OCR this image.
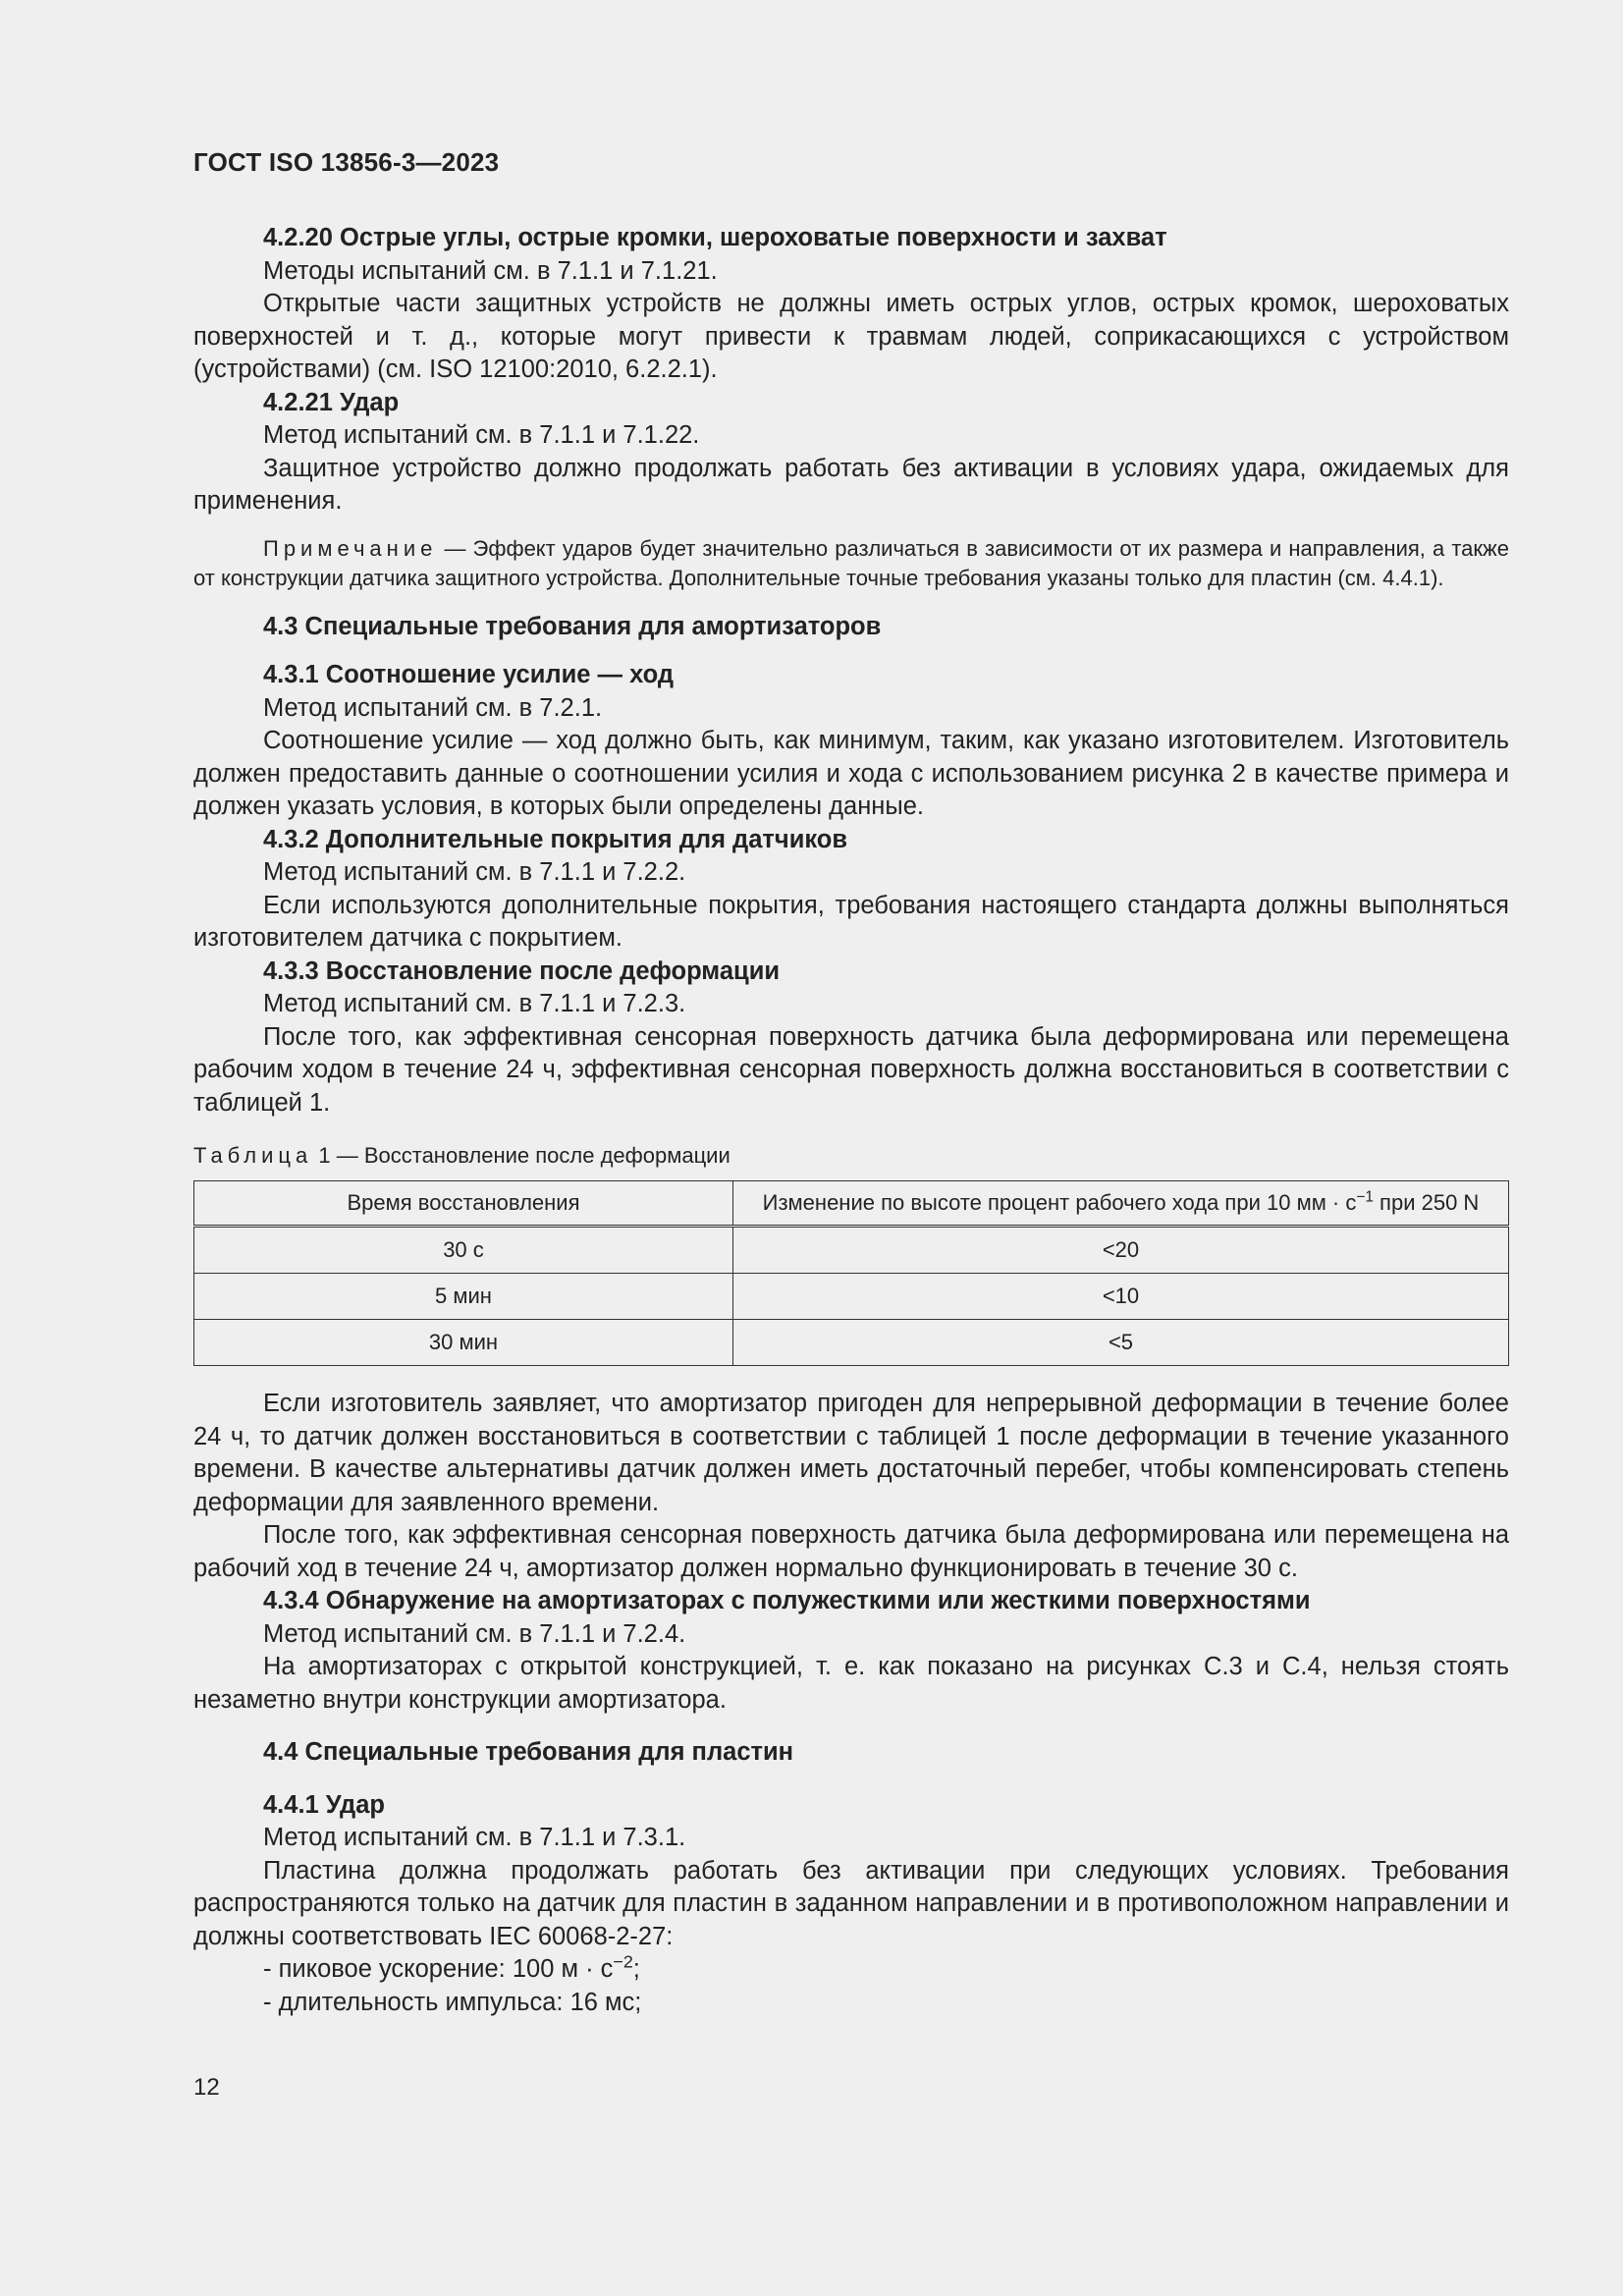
ГОСТ ISO 13856-3—2023

4.2.20 Острые углы, острые кромки, шероховатые поверхности и захват

Методы испытаний см. в 7.1.1 и 7.1.21.

Открытые части защитных устройств не должны иметь острых углов, острых кромок, шероховатых поверхностей и т. д., которые могут привести к травмам людей, соприкасающихся с устройством (устройствами) (см. ISO 12100:2010, 6.2.2.1).

4.2.21 Удар

Метод испытаний см. в 7.1.1 и 7.1.22.

Защитное устройство должно продолжать работать без активации в условиях удара, ожидаемых для применения.

Примечание — Эффект ударов будет значительно различаться в зависимости от их размера и направления, а также от конструкции датчика защитного устройства. Дополнительные точные требования указаны только для пластин (см. 4.4.1).

4.3 Специальные требования для амортизаторов

4.3.1 Соотношение усилие — ход

Метод испытаний см. в 7.2.1.

Соотношение усилие — ход должно быть, как минимум, таким, как указано изготовителем. Изготовитель должен предоставить данные о соотношении усилия и хода с использованием рисунка 2 в качестве примера и должен указать условия, в которых были определены данные.

4.3.2 Дополнительные покрытия для датчиков

Метод испытаний см. в 7.1.1 и 7.2.2.

Если используются дополнительные покрытия, требования настоящего стандарта должны выполняться изготовителем датчика с покрытием.

4.3.3 Восстановление после деформации

Метод испытаний см. в 7.1.1 и 7.2.3.

После того, как эффективная сенсорная поверхность датчика была деформирована или перемещена рабочим ходом в течение 24 ч, эффективная сенсорная поверхность должна восстановиться в соответствии с таблицей 1.

Таблица 1 — Восстановление после деформации

Время восстановления	Изменение по высоте процент рабочего хода при 10 мм · $с^{-1}$ при 250 N
30 с	<20
5 мин	<10
30 мин	<5

Если изготовитель заявляет, что амортизатор пригоден для непрерывной деформации в течение более 24 ч, то датчик должен восстановиться в соответствии с таблицей 1 после деформации в течение указанного времени. В качестве альтернативы датчик должен иметь достаточный перебег, чтобы компенсировать степень деформации для заявленного времени.

После того, как эффективная сенсорная поверхность датчика была деформирована или перемещена на рабочий ход в течение 24 ч, амортизатор должен нормально функционировать в течение 30 с.

4.3.4 Обнаружение на амортизаторах с полужесткими или жесткими поверхностями

Метод испытаний см. в 7.1.1 и 7.2.4.

На амортизаторах с открытой конструкцией, т. е. как показано на рисунках С.3 и С.4, нельзя стоять незаметно внутри конструкции амортизатора.

4.4 Специальные требования для пластин

4.4.1 Удар

Метод испытаний см. в 7.1.1 и 7.3.1.

Пластина должна продолжать работать без активации при следующих условиях. Требования распространяются только на датчик для пластин в заданном направлении и в противоположном направлении и должны соответствовать IEC 60068-2-27:

- пиковое ускорение: 100 $м \cdot с^{-2}$;

- длительность импульса: 16 мс;

12
